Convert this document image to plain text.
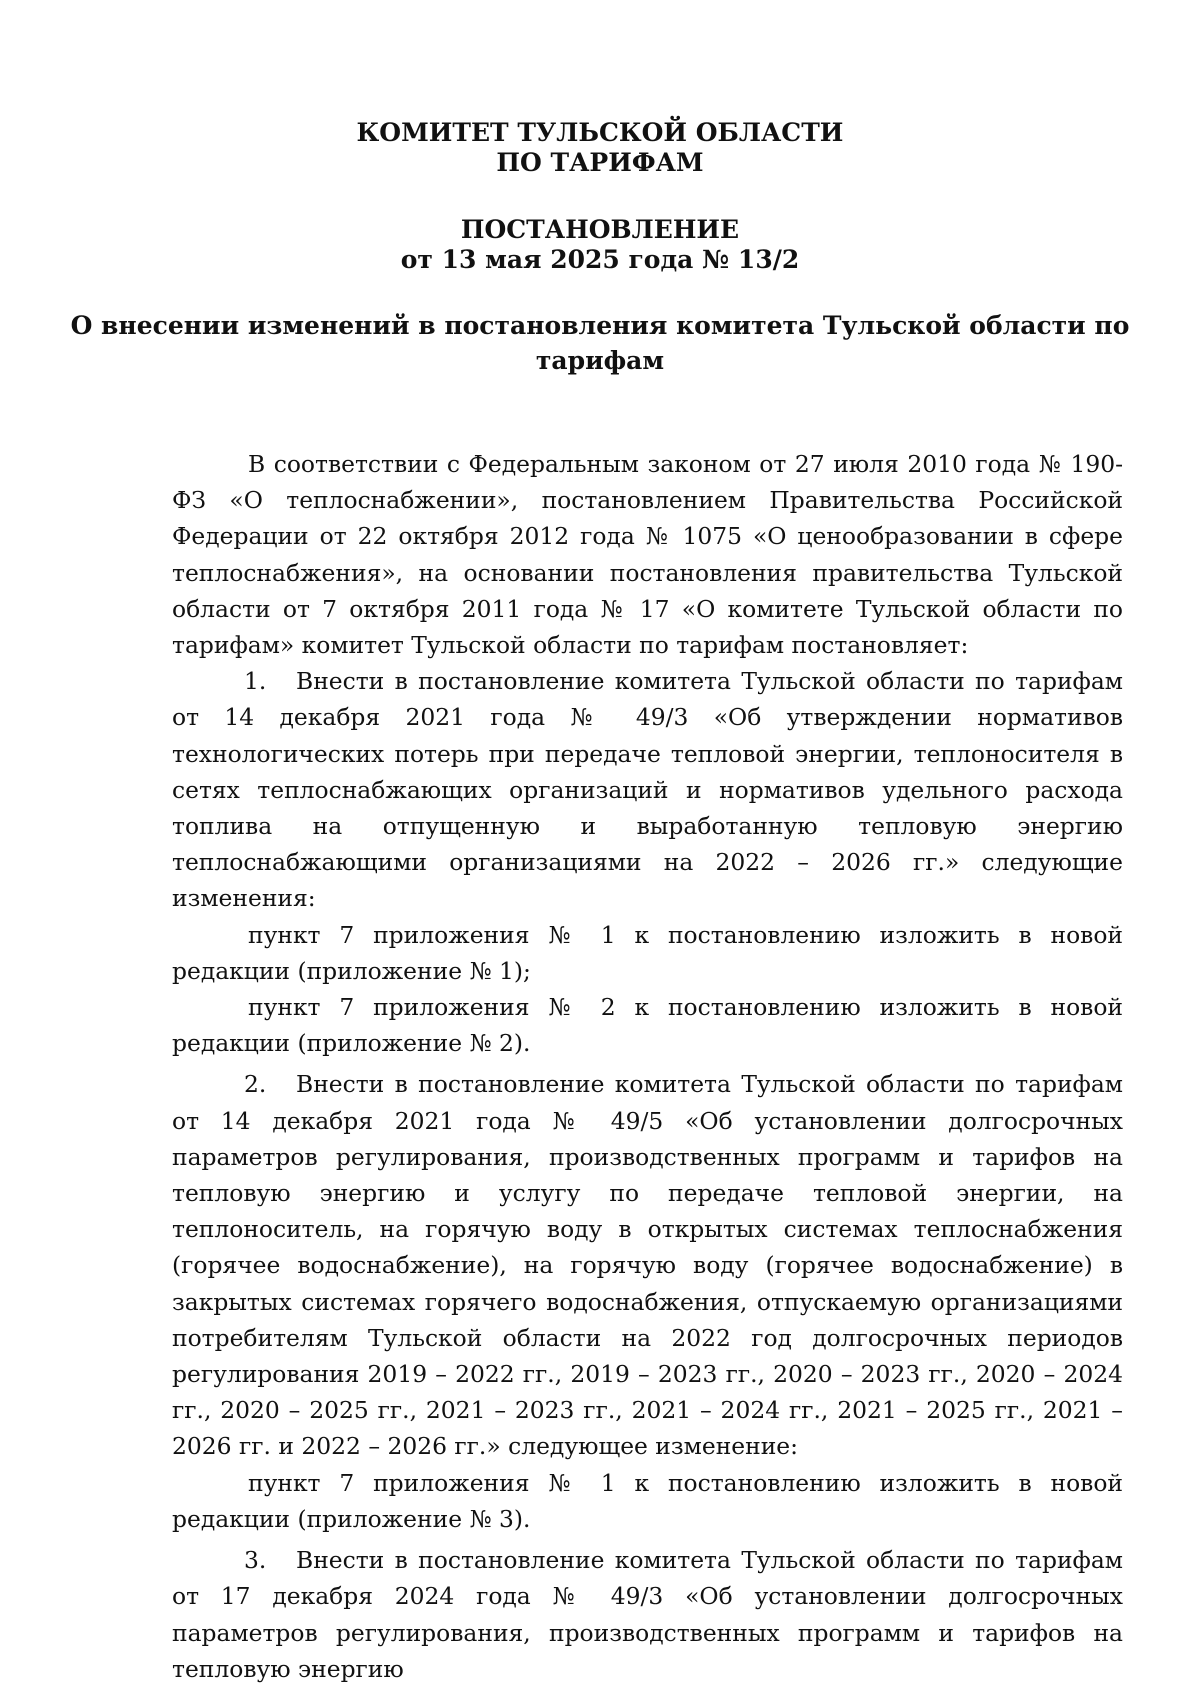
КОМИТЕТ ТУЛЬСКОЙ ОБЛАСТИ
ПО ТАРИФАМ
ПОСТАНОВЛЕНИЕ
от 13 мая 2025 года № 13/2
О внесении изменений в постановления комитета Тульской области по
тарифам

В соответствии с Федеральным законом от 27 июля 2010 года № 190-ФЗ «О теплоснабжении», постановлением Правительства Российской Федерации от 22 октября 2012 года № 1075 «О ценообразовании в сфере теплоснабжения», на основании постановления правительства Тульской области от 7 октября 2011 года № 17 «О комитете Тульской области по тарифам» комитет Тульской области по тарифам постановляет:

1. Внести в постановление комитета Тульской области по тарифам от 14 декабря 2021 года № 49/3 «Об утверждении нормативов технологических потерь при передаче тепловой энергии, теплоносителя в сетях теплоснабжающих организаций и нормативов удельного расхода топлива на отпущенную и выработанную тепловую энергию теплоснабжающими организациями на 2022 – 2026 гг.» следующие изменения:

пункт 7 приложения № 1 к постановлению изложить в новой редакции (приложение № 1);

пункт 7 приложения № 2 к постановлению изложить в новой редакции (приложение № 2).

2. Внести в постановление комитета Тульской области по тарифам от 14 декабря 2021 года № 49/5 «Об установлении долгосрочных параметров регулирования, производственных программ и тарифов на тепловую энергию и услугу по передаче тепловой энергии, на теплоноситель, на горячую воду в открытых системах теплоснабжения (горячее водоснабжение), на горячую воду (горячее водоснабжение) в закрытых системах горячего водоснабжения, отпускаемую организациями потребителям Тульской области на 2022 год долгосрочных периодов регулирования 2019 – 2022 гг., 2019 – 2023 гг., 2020 – 2023 гг., 2020 – 2024 гг., 2020 – 2025 гг., 2021 – 2023 гг., 2021 – 2024 гг., 2021 – 2025 гг., 2021 – 2026 гг. и 2022 – 2026 гг.» следующее изменение:

пункт 7 приложения № 1 к постановлению изложить в новой редакции (приложение № 3).

3. Внести в постановление комитета Тульской области по тарифам от 17 декабря 2024 года № 49/3 «Об установлении долгосрочных параметров регулирования, производственных программ и тарифов на тепловую энергию
